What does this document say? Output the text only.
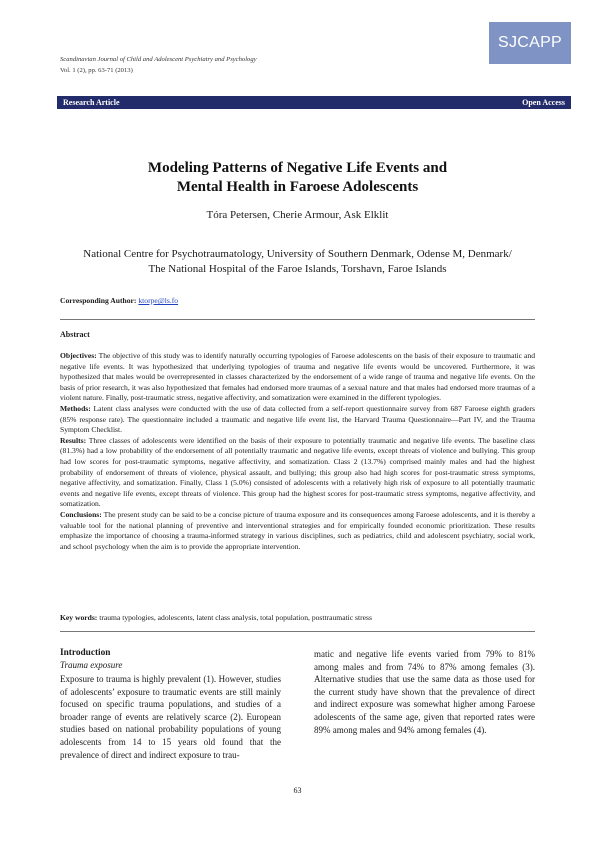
Scandinavian Journal of Child and Adolescent Psychiatry and Psychology
Vol. 1 (2), pp. 63-71 (2013)
SJCAPP
Research Article	Open Access
Modeling Patterns of Negative Life Events and
Mental Health in Faroese Adolescents
Tóra Petersen, Cherie Armour, Ask Elklit
National Centre for Psychotraumatology, University of Southern Denmark, Odense M, Denmark/
The National Hospital of the Faroe Islands, Torshavn, Faroe Islands
Corresponding Author: ktorpe@ls.fo
Abstract

Objectives: The objective of this study was to identify naturally occurring typologies of Faroese adolescents on the basis of their exposure to traumatic and negative life events. It was hypothesized that underlying typologies of trauma and negative life events would be uncovered. Furthermore, it was hypothesized that males would be overrepresented in classes characterized by the endorsement of a wide range of trauma and negative life events. On the basis of prior research, it was also hypothesized that females had endorsed more traumas of a sexual nature and that males had endorsed more traumas of a violent nature. Finally, post-traumatic stress, negative affectivity, and somatization were examined in the different typologies.

Methods: Latent class analyses were conducted with the use of data collected from a self-report questionnaire survey from 687 Faroese eighth graders (85% response rate). The questionnaire included a traumatic and negative life event list, the Harvard Trauma Questionnaire—Part IV, and the Trauma Symptom Checklist.

Results: Three classes of adolescents were identified on the basis of their exposure to potentially traumatic and negative life events. The baseline class (81.3%) had a low probability of the endorsement of all potentially traumatic and negative life events, except threats of violence and bullying. This group had low scores for post-traumatic symptoms, negative affectivity, and somatization. Class 2 (13.7%) comprised mainly males and had the highest probability of endorsement of threats of violence, physical assault, and bullying; this group also had high scores for post-traumatic stress symptoms, negative affectivity, and somatization. Finally, Class 1 (5.0%) consisted of adolescents with a relatively high risk of exposure to all potentially traumatic events and negative life events, except threats of violence. This group had the highest scores for post-traumatic stress symptoms, negative affectivity, and somatization.

Conclusions: The present study can be said to be a concise picture of trauma exposure and its consequences among Faroese adolescents, and it is thereby a valuable tool for the national planning of preventive and interventional strategies and for empirically founded economic prioritization. These results emphasize the importance of choosing a trauma-informed strategy in various disciplines, such as pediatrics, child and adolescent psychiatry, social work, and school psychology when the aim is to provide the appropriate intervention.

Key words: trauma typologies, adolescents, latent class analysis, total population, posttraumatic stress
Introduction
Trauma exposure

Exposure to trauma is highly prevalent (1). However, studies of adolescents’ exposure to traumatic events are still mainly focused on specific trauma populations, and studies of a broader range of events are relatively scarce (2). European studies based on national probability populations of young adolescents from 14 to 15 years old found that the prevalence of direct and indirect exposure to trau-

matic and negative life events varied from 79% to 81% among males and from 74% to 87% among females (3). Alternative studies that use the same data as those used for the current study have shown that the prevalence of direct and indirect exposure was somewhat higher among Faroese adolescents of the same age, given that reported rates were 89% among males and 94% among females (4).

63
